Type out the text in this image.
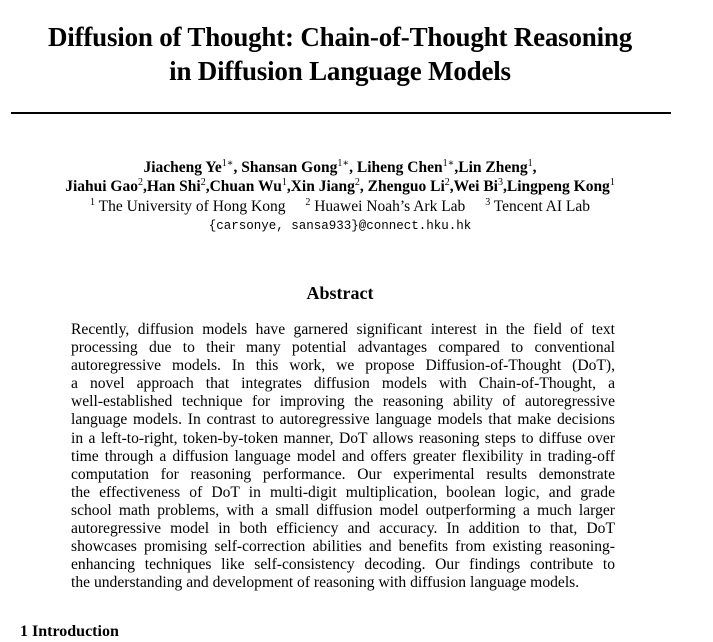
Diffusion of Thought: Chain-of-Thought Reasoning
in Diffusion Language Models
Jiacheng $Ye^{1∗}$, Shansan Gong$^{1∗}$, Liheng Chen$^{1∗}$,Lin Zheng$^1$,
Jiahui Gao$^2$,Han Shi$^2$,Chuan Wu$^1$,Xin Jiang$^2$, Zhenguo Li$^2$,Wei Bi$^3$,Lingpeng Kong$^1$
$^1$ The University of Hong Kong $^2$ Huawei Noah’s Ark Lab $^3$ Tencent AI Lab
{carsonye, sansa933}@connect.hku.hk
Abstract
Recently, diffusion models have garnered significant interest in the field of text
processing due to their many potential advantages compared to conventional
autoregressive models. In this work, we propose Diffusion-of-Thought (DoT),
a novel approach that integrates diffusion models with Chain-of-Thought, a
well-established technique for improving the reasoning ability of autoregressive
language models. In contrast to autoregressive language models that make decisions
in a left-to-right, token-by-token manner, DoT allows reasoning steps to diffuse over
time through a diffusion language model and offers greater flexibility in trading-off
computation for reasoning performance. Our experimental results demonstrate
the effectiveness of DoT in multi-digit multiplication, boolean logic, and grade
school math problems, with a small diffusion model outperforming a much larger
autoregressive model in both efficiency and accuracy. In addition to that, DoT
showcases promising self-correction abilities and benefits from existing reasoning-
enhancing techniques like self-consistency decoding. Our findings contribute to
the understanding and development of reasoning with diffusion language models.
1 Introduction
